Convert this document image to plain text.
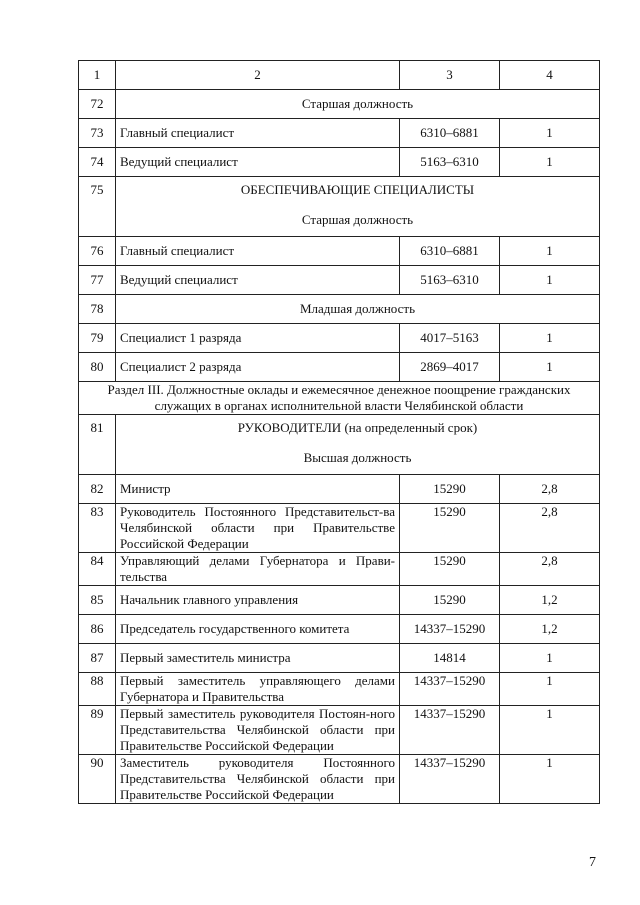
1	2	3	4
72	Старшая должность		
73	Главный специалист	6310–6881	1
74	Ведущий специалист	5163–6310	1
75	ОБЕСПЕЧИВАЮЩИЕ СПЕЦИАЛИСТЫ
Старшая должность		

76	Главный специалист	6310–6881	1
77	Ведущий специалист	5163–6310	1
78	Младшая должность		
79	Специалист 1 разряда	4017–5163	1
80	Специалист 2 разряда	2869–4017	1
Раздел III. Должностные оклады и ежемесячное денежное поощрение гражданских служащих в органах исполнительной власти Челябинской области			
81	РУКОВОДИТЕЛИ (на определенный срок)
Высшая должность		

82	Министр	15290	2,8
83	Руководитель Постоянного Представительст-ва Челябинской области при Правительстве Российской Федерации	15290	2,8
84	Управляющий делами Губернатора и Прави-тельства	15290	2,8
85	Начальник главного управления	15290	1,2
86	Председатель государственного комитета	14337–15290	1,2
87	Первый заместитель министра	14814	1
88	Первый заместитель управляющего делами Губернатора и Правительства	14337–15290	1
89	Первый заместитель руководителя Постоян-ного Представительства Челябинской области при Правительстве Российской Федерации	14337–15290	1
90	Заместитель руководителя Постоянного Представительства Челябинской области при Правительстве Российской Федерации	14337–15290	1
7
